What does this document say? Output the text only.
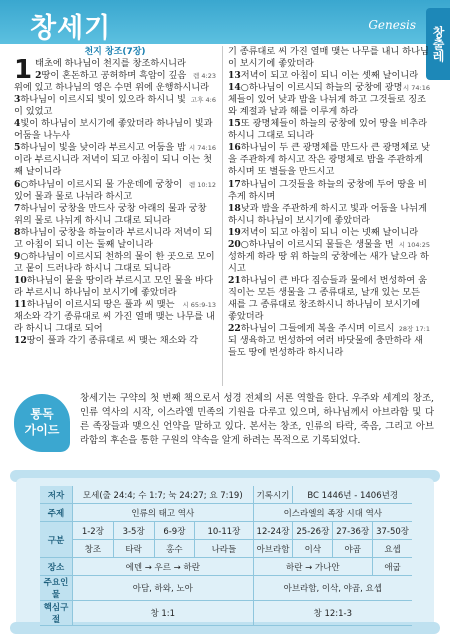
창세기	Genesis
창출레
천지 창조(7장)

1 태초에 하나님이 천지를 창조하시니라

렘 4:23
2땅이 혼돈하고 공허하며 흑암이 깊음 위에 있고 하나님의 영은 수면 위에 운행하시니라

고후 4:6
3하나님이 이르시되 빛이 있으라 하시니 빛이 있었고

4빛이 하나님이 보시기에 좋았더라 하나님이 빛과 어둠을 나누사

시 74:16
5하나님이 빛을 낮이라 부르시고 어둠을 밤이라 부르시니라 저녁이 되고 아침이 되니 이는 첫째 날이니라

렘 10:12
6○하나님이 이르시되 물 가운데에 궁창이 있어 물과 물로 나뉘라 하시고

7하나님이 궁창을 만드사 궁창 아래의 물과 궁창 위의 물로 나뉘게 하시니 그대로 되니라

8하나님이 궁창을 하늘이라 부르시니라 저녁이 되고 아침이 되니 이는 둘째 날이니라

9○하나님이 이르시되 천하의 물이 한 곳으로 모이고 뭍이 드러나라 하시니 그대로 되니라

10하나님이 뭍을 땅이라 부르시고 모인 물을 바다라 부르시니 하나님이 보시기에 좋았더라

시 65:9-13
11하나님이 이르시되 땅은 풀과 씨 맺는 채소와 각기 종류대로 씨 가진 열매 맺는 나무를 내라 하시니 그대로 되어

12땅이 풀과 각기 종류대로 씨 맺는 채소와 각

기 종류대로 씨 가진 열매 맺는 나무를 내니 하나님이 보시기에 좋았더라

13저녁이 되고 아침이 되니 이는 셋째 날이니라

시 74:16
14○하나님이 이르시되 하늘의 궁창에 광명체들이 있어 낮과 밤을 나뉘게 하고 그것들로 징조와 계절과 날과 해를 이루게 하라

15또 광명체들이 하늘의 궁창에 있어 땅을 비추라 하시니 그대로 되니라

16하나님이 두 큰 광명체를 만드사 큰 광명체로 낮을 주관하게 하시고 작은 광명체로 밤을 주관하게 하시며 또 별들을 만드시고

17하나님이 그것들을 하늘의 궁창에 두어 땅을 비추게 하시며

18낮과 밤을 주관하게 하시고 빛과 어둠을 나뉘게 하시니 하나님이 보시기에 좋았더라

19저녁이 되고 아침이 되니 이는 넷째 날이니라

시 104:25
20○하나님이 이르시되 물들은 생물을 번성하게 하라 땅 위 하늘의 궁창에는 새가 날으라 하시고

21하나님이 큰 바다 짐승들과 물에서 번성하여 움직이는 모든 생물을 그 종류대로, 날개 있는 모든 새를 그 종류대로 창조하시니 하나님이 보시기에 좋았더라

28장 17:1
22하나님이 그들에게 복을 주시며 이르시되 생육하고 번성하여 여러 바닷물에 충만하라 새들도 땅에 번성하라 하시니라

통독
가이드
창세기는 구약의 첫 번째 책으로서 성경 전체의 서론 역할을 한다. 우주와 세계의 창조, 인류 역사의 시작, 이스라엘 민족의 기원을 다루고 있으며, 하나님께서 아브라함 및 다른 족장들과 맺으신 언약을 말하고 있다. 본서는 창조, 인류의 타락, 죽음, 그리고 아브라함의 후손을 통한 구원의 약속을 알게 하려는 목적으로 기록되었다.
저자	모세(출 24:4; 수 1:7; 눅 24:27; 요 7:19)				기록시기	BC 1446년 - 1406년경		
주제	인류의 태고 역사				이스라엘의 족장 시대 역사			
구분	1-2장	3-5장	6-9장	10-11장	12-24장	25-26장	27-36장	37-50장
	창조	타락	홍수	나라들	아브라함	이삭	야곱	요셉
장소	에덴 → 우르 → 하란				하란 → 가나안			애굽
주요인물	아담, 하와, 노아				아브라함, 이삭, 야곱, 요셉			
핵심구절	창 1:1				창 12:1-3			
